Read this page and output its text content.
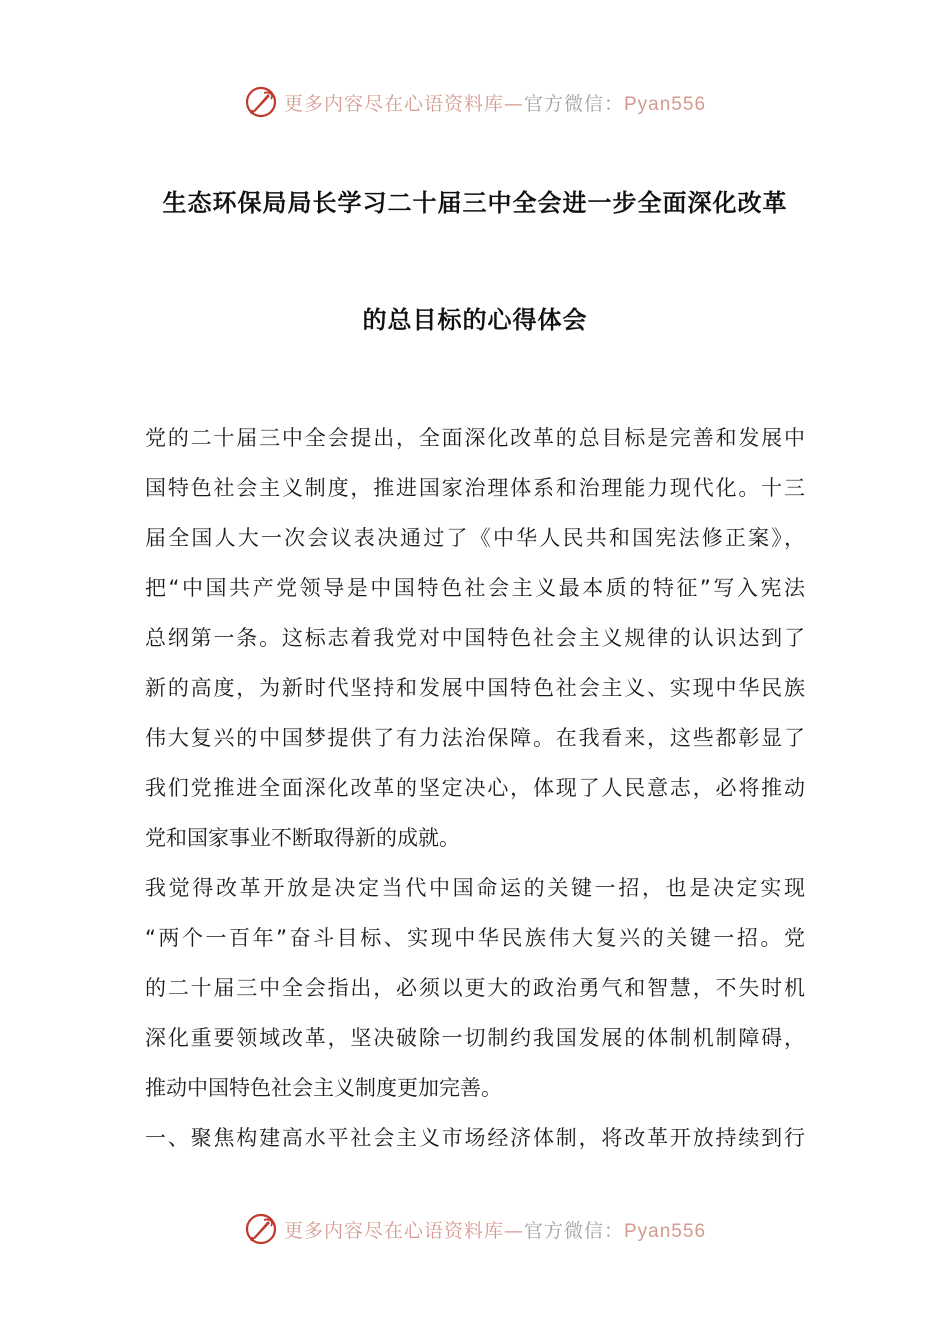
更多内容尽在心语资料库—官方微信：Pyan556
生态环保局局长学习二十届三中全会进一步全面深化改革
的总目标的心得体会
党的二十届三中全会提出，全面深化改革的总目标是完善和发展中
国特色社会主义制度，推进国家治理体系和治理能力现代化。十三
届全国人大一次会议表决通过了《中华人民共和国宪法修正案》，
把“中国共产党领导是中国特色社会主义最本质的特征”写入宪法
总纲第一条。这标志着我党对中国特色社会主义规律的认识达到了
新的高度，为新时代坚持和发展中国特色社会主义、实现中华民族
伟大复兴的中国梦提供了有力法治保障。在我看来，这些都彰显了
我们党推进全面深化改革的坚定决心，体现了人民意志，必将推动
党和国家事业不断取得新的成就。
我觉得改革开放是决定当代中国命运的关键一招，也是决定实现
“两个一百年”奋斗目标、实现中华民族伟大复兴的关键一招。党
的二十届三中全会指出，必须以更大的政治勇气和智慧，不失时机
深化重要领域改革，坚决破除一切制约我国发展的体制机制障碍，
推动中国特色社会主义制度更加完善。
一、聚焦构建高水平社会主义市场经济体制，将改革开放持续到行
更多内容尽在心语资料库—官方微信：Pyan556
